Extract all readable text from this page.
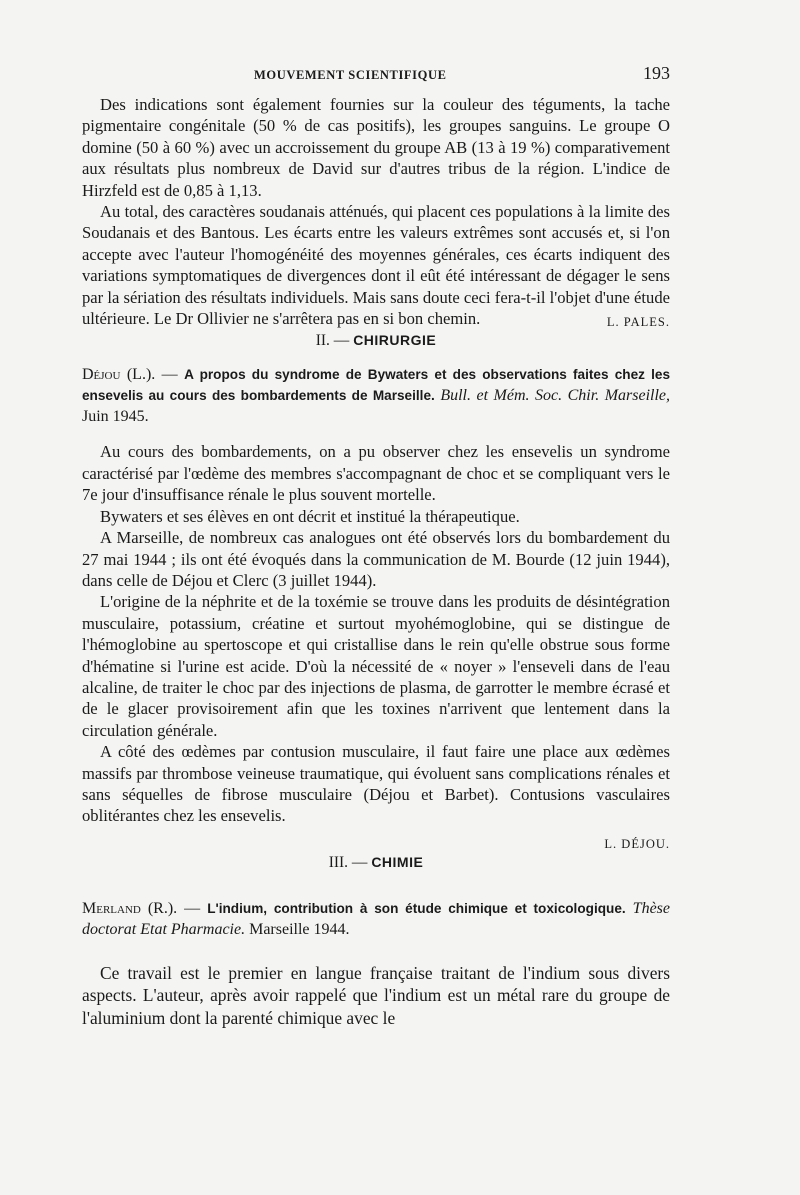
MOUVEMENT SCIENTIFIQUE	193

Des indications sont également fournies sur la couleur des téguments, la tache pigmentaire congénitale (50 % de cas positifs), les groupes sanguins. Le groupe O domine (50 à 60 %) avec un accroissement du groupe AB (13 à 19 %) comparativement aux résultats plus nombreux de David sur d'autres tribus de la région. L'indice de Hirzfeld est de 0,85 à 1,13.

Au total, des caractères soudanais atténués, qui placent ces populations à la limite des Soudanais et des Bantous. Les écarts entre les valeurs extrêmes sont accusés et, si l'on accepte avec l'auteur l'homogénéité des moyennes générales, ces écarts indiquent des variations symptomatiques de divergences dont il eût été intéressant de dégager le sens par la sériation des résultats individuels. Mais sans doute ceci fera-t-il l'objet d'une étude ultérieure. Le Dr Ollivier ne s'arrêtera pas en si bon chemin.	L. PALES.
II. — CHIRURGIE
Déjou (L.). — A propos du syndrome de Bywaters et des observations faites chez les ensevelis au cours des bombardements de Marseille. Bull. et Mém. Soc. Chir. Marseille, Juin 1945.

Au cours des bombardements, on a pu observer chez les ensevelis un syndrome caractérisé par l'œdème des membres s'accompagnant de choc et se compliquant vers le 7e jour d'insuffisance rénale le plus souvent mortelle.

Bywaters et ses élèves en ont décrit et institué la thérapeutique.

A Marseille, de nombreux cas analogues ont été observés lors du bombardement du 27 mai 1944 ; ils ont été évoqués dans la communication de M. Bourde (12 juin 1944), dans celle de Déjou et Clerc (3 juillet 1944).

L'origine de la néphrite et de la toxémie se trouve dans les produits de désintégration musculaire, potassium, créatine et surtout myohémoglobine, qui se distingue de l'hémoglobine au spertoscope et qui cristallise dans le rein qu'elle obstrue sous forme d'hématine si l'urine est acide. D'où la nécessité de « noyer » l'enseveli dans de l'eau alcaline, de traiter le choc par des injections de plasma, de garrotter le membre écrasé et de le glacer provisoirement afin que les toxines n'arrivent que lentement dans la circulation générale.

A côté des œdèmes par contusion musculaire, il faut faire une place aux œdèmes massifs par thrombose veineuse traumatique, qui évoluent sans complications rénales et sans séquelles de fibrose musculaire (Déjou et Barbet). Contusions vasculaires oblitérantes chez les ensevelis.

L. DÉJOU.
III. — CHIMIE
Merland (R.). — L'indium, contribution à son étude chimique et toxicologique. Thèse doctorat Etat Pharmacie. Marseille 1944.

Ce travail est le premier en langue française traitant de l'indium sous divers aspects. L'auteur, après avoir rappelé que l'indium est un métal rare du groupe de l'aluminium dont la parenté chimique avec le
